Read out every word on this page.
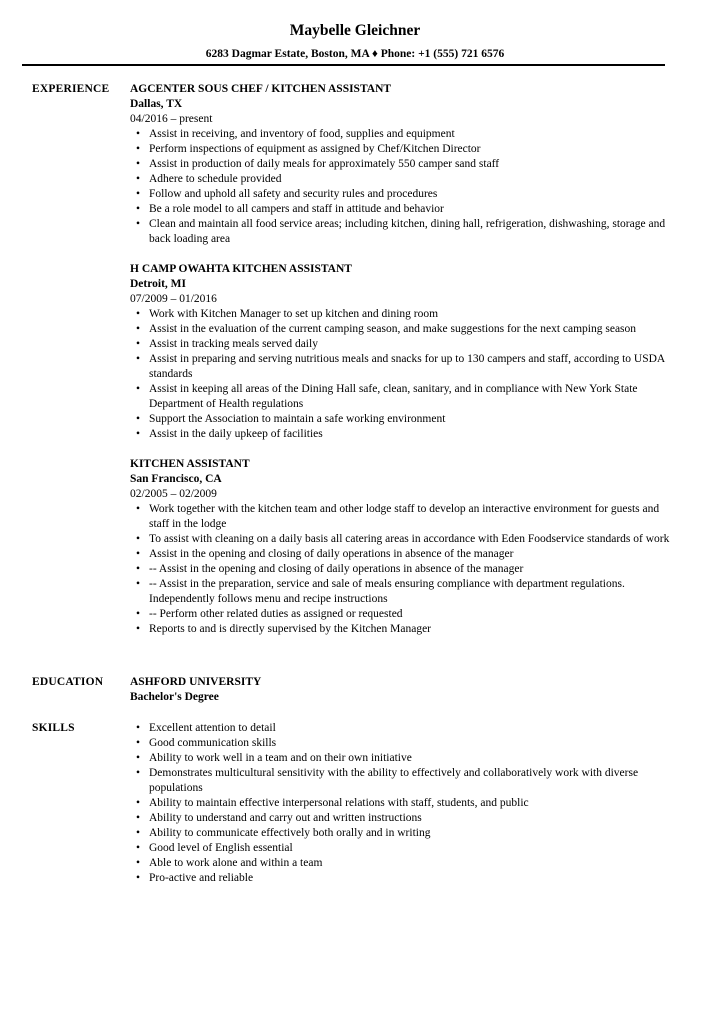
Maybelle Gleichner
6283 Dagmar Estate, Boston, MA ♦ Phone: +1 (555) 721 6576
EXPERIENCE AGCENTER SOUS CHEF / KITCHEN ASSISTANT
Dallas, TX
04/2016 – present
• Assist in receiving, and inventory of food, supplies and equipment
• Perform inspections of equipment as assigned by Chef/Kitchen Director
• Assist in production of daily meals for approximately 550 camper sand staff
• Adhere to schedule provided
• Follow and uphold all safety and security rules and procedures
• Be a role model to all campers and staff in attitude and behavior
• Clean and maintain all food service areas; including kitchen, dining hall, refrigeration, dishwashing, storage and back loading area
H CAMP OWAHTA KITCHEN ASSISTANT
Detroit, MI
07/2009 – 01/2016
• Work with Kitchen Manager to set up kitchen and dining room
• Assist in the evaluation of the current camping season, and make suggestions for the next camping season
• Assist in tracking meals served daily
• Assist in preparing and serving nutritious meals and snacks for up to 130 campers and staff, according to USDA standards
• Assist in keeping all areas of the Dining Hall safe, clean, sanitary, and in compliance with New York State Department of Health regulations
• Support the Association to maintain a safe working environment
• Assist in the daily upkeep of facilities
KITCHEN ASSISTANT
San Francisco, CA
02/2005 – 02/2009
• Work together with the kitchen team and other lodge staff to develop an interactive environment for guests and staff in the lodge
• To assist with cleaning on a daily basis all catering areas in accordance with Eden Foodservice standards of work
• Assist in the opening and closing of daily operations in absence of the manager
• -- Assist in the opening and closing of daily operations in absence of the manager
• -- Assist in the preparation, service and sale of meals ensuring compliance with department regulations. Independently follows menu and recipe instructions
• -- Perform other related duties as assigned or requested
• Reports to and is directly supervised by the Kitchen Manager
EDUCATION ASHFORD UNIVERSITY
Bachelor's Degree
SKILLS	• Excellent attention to detail
• Good communication skills
• Ability to work well in a team and on their own initiative
• Demonstrates multicultural sensitivity with the ability to effectively and collaboratively work with diverse populations
• Ability to maintain effective interpersonal relations with staff, students, and public
• Ability to understand and carry out and written instructions
• Ability to communicate effectively both orally and in writing
• Good level of English essential
• Able to work alone and within a team
• Pro-active and reliable
